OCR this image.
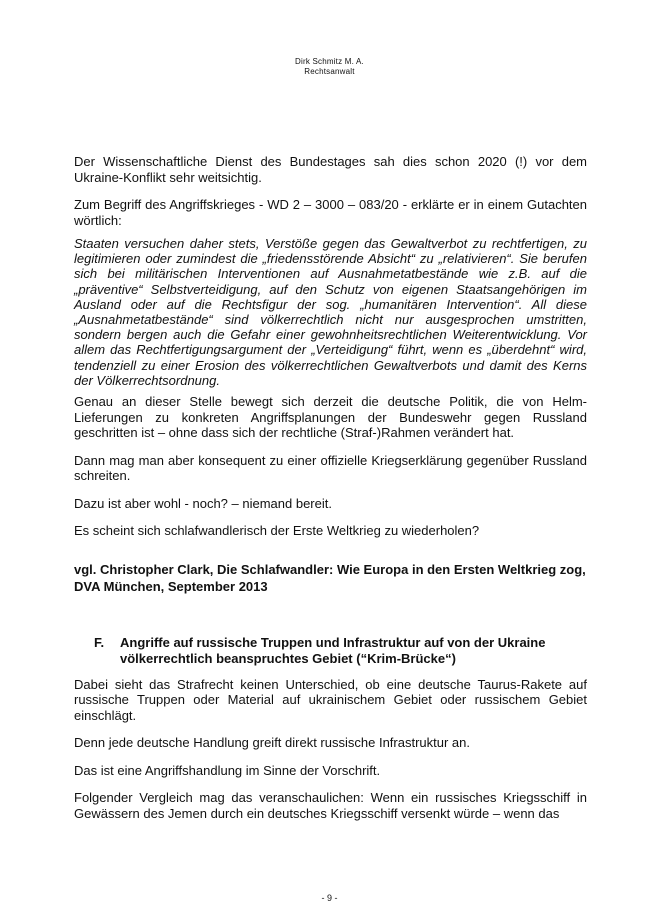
Dirk Schmitz M. A.
Rechtsanwalt

Der Wissenschaftliche Dienst des Bundestages sah dies schon 2020 (!) vor dem Ukraine-Konflikt sehr weitsichtig.

Zum Begriff des Angriffskrieges - WD 2 – 3000 – 083/20 - erklärte er in einem Gutachten wörtlich:

Staaten versuchen daher stets, Verstöße gegen das Gewaltverbot zu rechtfertigen, zu legitimieren oder zumindest die „friedensstörende Absicht“ zu „relativieren“. Sie berufen sich bei militärischen Interventionen auf Ausnahmetatbestände wie z.B. auf die „präventive“ Selbstverteidigung, auf den Schutz von eigenen Staatsangehörigen im Ausland oder auf die Rechtsfigur der sog. „humanitären Intervention“. All diese „Ausnahmetatbestände“ sind völkerrechtlich nicht nur ausgesprochen umstritten, sondern bergen auch die Gefahr einer gewohnheitsrechtlichen Weiterentwicklung. Vor allem das Rechtfertigungsargument der „Verteidigung“ führt, wenn es „überdehnt“ wird, tendenziell zu einer Erosion des völkerrechtlichen Gewaltverbots und damit des Kerns der Völkerrechtsordnung.

Genau an dieser Stelle bewegt sich derzeit die deutsche Politik, die von Helm-Lieferungen zu konkreten Angriffsplanungen der Bundeswehr gegen Russland geschritten ist – ohne dass sich der rechtliche (Straf-)Rahmen verändert hat.

Dann mag man aber konsequent zu einer offizielle Kriegserklärung gegenüber Russland schreiten.

Dazu ist aber wohl - noch? – niemand bereit.

Es scheint sich schlafwandlerisch der Erste Weltkrieg zu wiederholen?

vgl. Christopher Clark, Die Schlafwandler: Wie Europa in den Ersten Weltkrieg zog, DVA München, September 2013

F.	Angriffe auf russische Truppen und Infrastruktur auf von der Ukraine völkerrechtlich beanspruchtes Gebiet (“Krim-Brücke“)

Dabei sieht das Strafrecht keinen Unterschied, ob eine deutsche Taurus-Rakete auf russische Truppen oder Material auf ukrainischem Gebiet oder russischem Gebiet einschlägt.

Denn jede deutsche Handlung greift direkt russische Infrastruktur an.

Das ist eine Angriffshandlung im Sinne der Vorschrift.

Folgender Vergleich mag das veranschaulichen: Wenn ein russisches Kriegsschiff in Gewässern des Jemen durch ein deutsches Kriegsschiff versenkt würde – wenn das

- 9 -
